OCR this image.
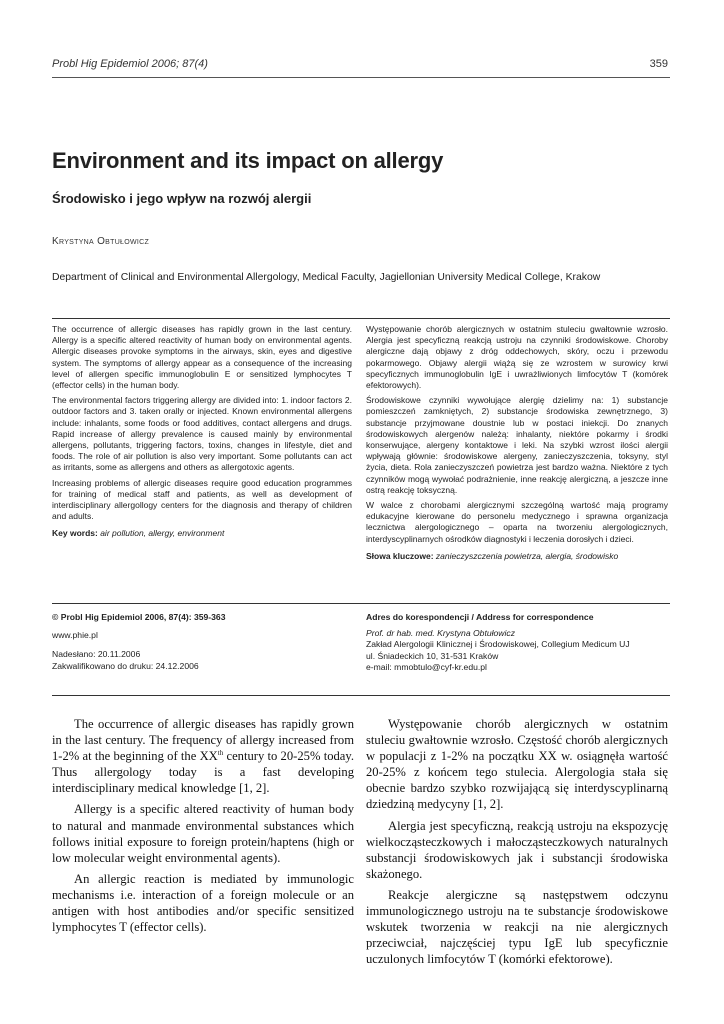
Probl Hig Epidemiol 2006; 87(4)	359
Environment and its impact on allergy
Środowisko i jego wpływ na rozwój alergii
Krystyna Obtułowicz
Department of Clinical and Environmental Allergology, Medical Faculty, Jagiellonian University Medical College, Krakow

The occurrence of allergic diseases has rapidly grown in the last century. Allergy is a specific altered reactivity of human body on environmental agents. Allergic diseases provoke symptoms in the airways, skin, eyes and digestive system. The symptoms of allergy appear as a consequence of the increasing level of allergen specific immunoglobulin E or sensitized lymphocytes T (effector cells) in the human body.

The environmental factors triggering allergy are divided into: 1. indoor factors 2. outdoor factors and 3. taken orally or injected. Known environmental allergens include: inhalants, some foods or food additives, contact allergens and drugs. Rapid increase of allergy prevalence is caused mainly by environmental allergens, pollutants, triggering factors, toxins, changes in lifestyle, diet and foods. The role of air pollution is also very important. Some pollutants can act as irritants, some as allergens and others as allergotoxic agents.

Increasing problems of allergic diseases require good education programmes for training of medical staff and patients, as well as development of interdisciplinary allergollogy centers for the diagnosis and therapy of children and adults.

Key words: air pollution, allergy, environment

Występowanie chorób alergicznych w ostatnim stuleciu gwałtownie wzrosło. Alergia jest specyficzną reakcją ustroju na czynniki środowiskowe. Choroby alergiczne dają objawy z dróg oddechowych, skóry, oczu i przewodu pokarmowego. Objawy alergii wiążą się ze wzrostem w surowicy krwi specyficznych immunoglobulin IgE i uwrażliwionych limfocytów T (komórek efektorowych).

Środowiskowe czynniki wywołujące alergię dzielimy na: 1) substancje pomieszczeń zamkniętych, 2) substancje środowiska zewnętrznego, 3) substancje przyjmowane doustnie lub w postaci iniekcji. Do znanych środowiskowych alergenów należą: inhalanty, niektóre pokarmy i środki konserwujące, alergeny kontaktowe i leki. Na szybki wzrost ilości alergii wpływają głównie: środowiskowe alergeny, zanieczyszczenia, toksyny, styl życia, dieta. Rola zanieczyszczeń powietrza jest bardzo ważna. Niektóre z tych czynników mogą wywołać podrażnienie, inne reakcję alergiczną, a jeszcze inne ostrą reakcję toksyczną.

W walce z chorobami alergicznymi szczególną wartość mają programy edukacyjne kierowane do personelu medycznego i sprawna organizacja lecznictwa alergologicznego – oparta na tworzeniu alergologicznych, interdyscyplinarnych ośrodków diagnostyki i leczenia dorosłych i dzieci.

Słowa kluczowe: zanieczyszczenia powietrza, alergia, środowisko

© Probl Hig Epidemiol 2006, 87(4): 359-363
www.phie.pl
Nadesłano: 20.11.2006
Zakwalifikowano do druku: 24.12.2006
Adres do korespondencji / Address for correspondence
Prof. dr hab. med. Krystyna Obtułowicz
Zakład Alergologii Klinicznej i Środowiskowej, Collegium Medicum UJ
ul. Śniadeckich 10, 31-531 Kraków
e-mail: mmobtulo@cyf-kr.edu.pl

The occurrence of allergic diseases has rapidly grown in the last century. The frequency of allergy increased from 1-2% at the beginning of the XXth century to 20-25% today. Thus allergology today is a fast developing interdisciplinary medical knowledge [1, 2].

Allergy is a specific altered reactivity of human body to natural and manmade environmental substances which follows initial exposure to foreign protein/haptens (high or low molecular weight environmental agents).

An allergic reaction is mediated by immunologic mechanisms i.e. interaction of a foreign molecule or an antigen with host antibodies and/or specific sensitized lymphocytes T (effector cells).

Występowanie chorób alergicznych w ostatnim stuleciu gwałtownie wzrosło. Częstość chorób alergicznych w populacji z 1-2% na początku XX w. osiągnęła wartość 20-25% z końcem tego stulecia. Alergologia stała się obecnie bardzo szybko rozwijającą się interdyscyplinarną dziedziną medycyny [1, 2].

Alergia jest specyficzną, reakcją ustroju na ekspozycję wielkocząsteczkowych i małocząsteczkowych naturalnych substancji środowiskowych jak i substancji środowiska skażonego.

Reakcje alergiczne są następstwem odczynu immunologicznego ustroju na te substancje środowiskowe wskutek tworzenia w reakcji na nie alergicznych przeciwciał, najczęściej typu IgE lub specyficznie uczulonych limfocytów T (komórki efektorowe).
